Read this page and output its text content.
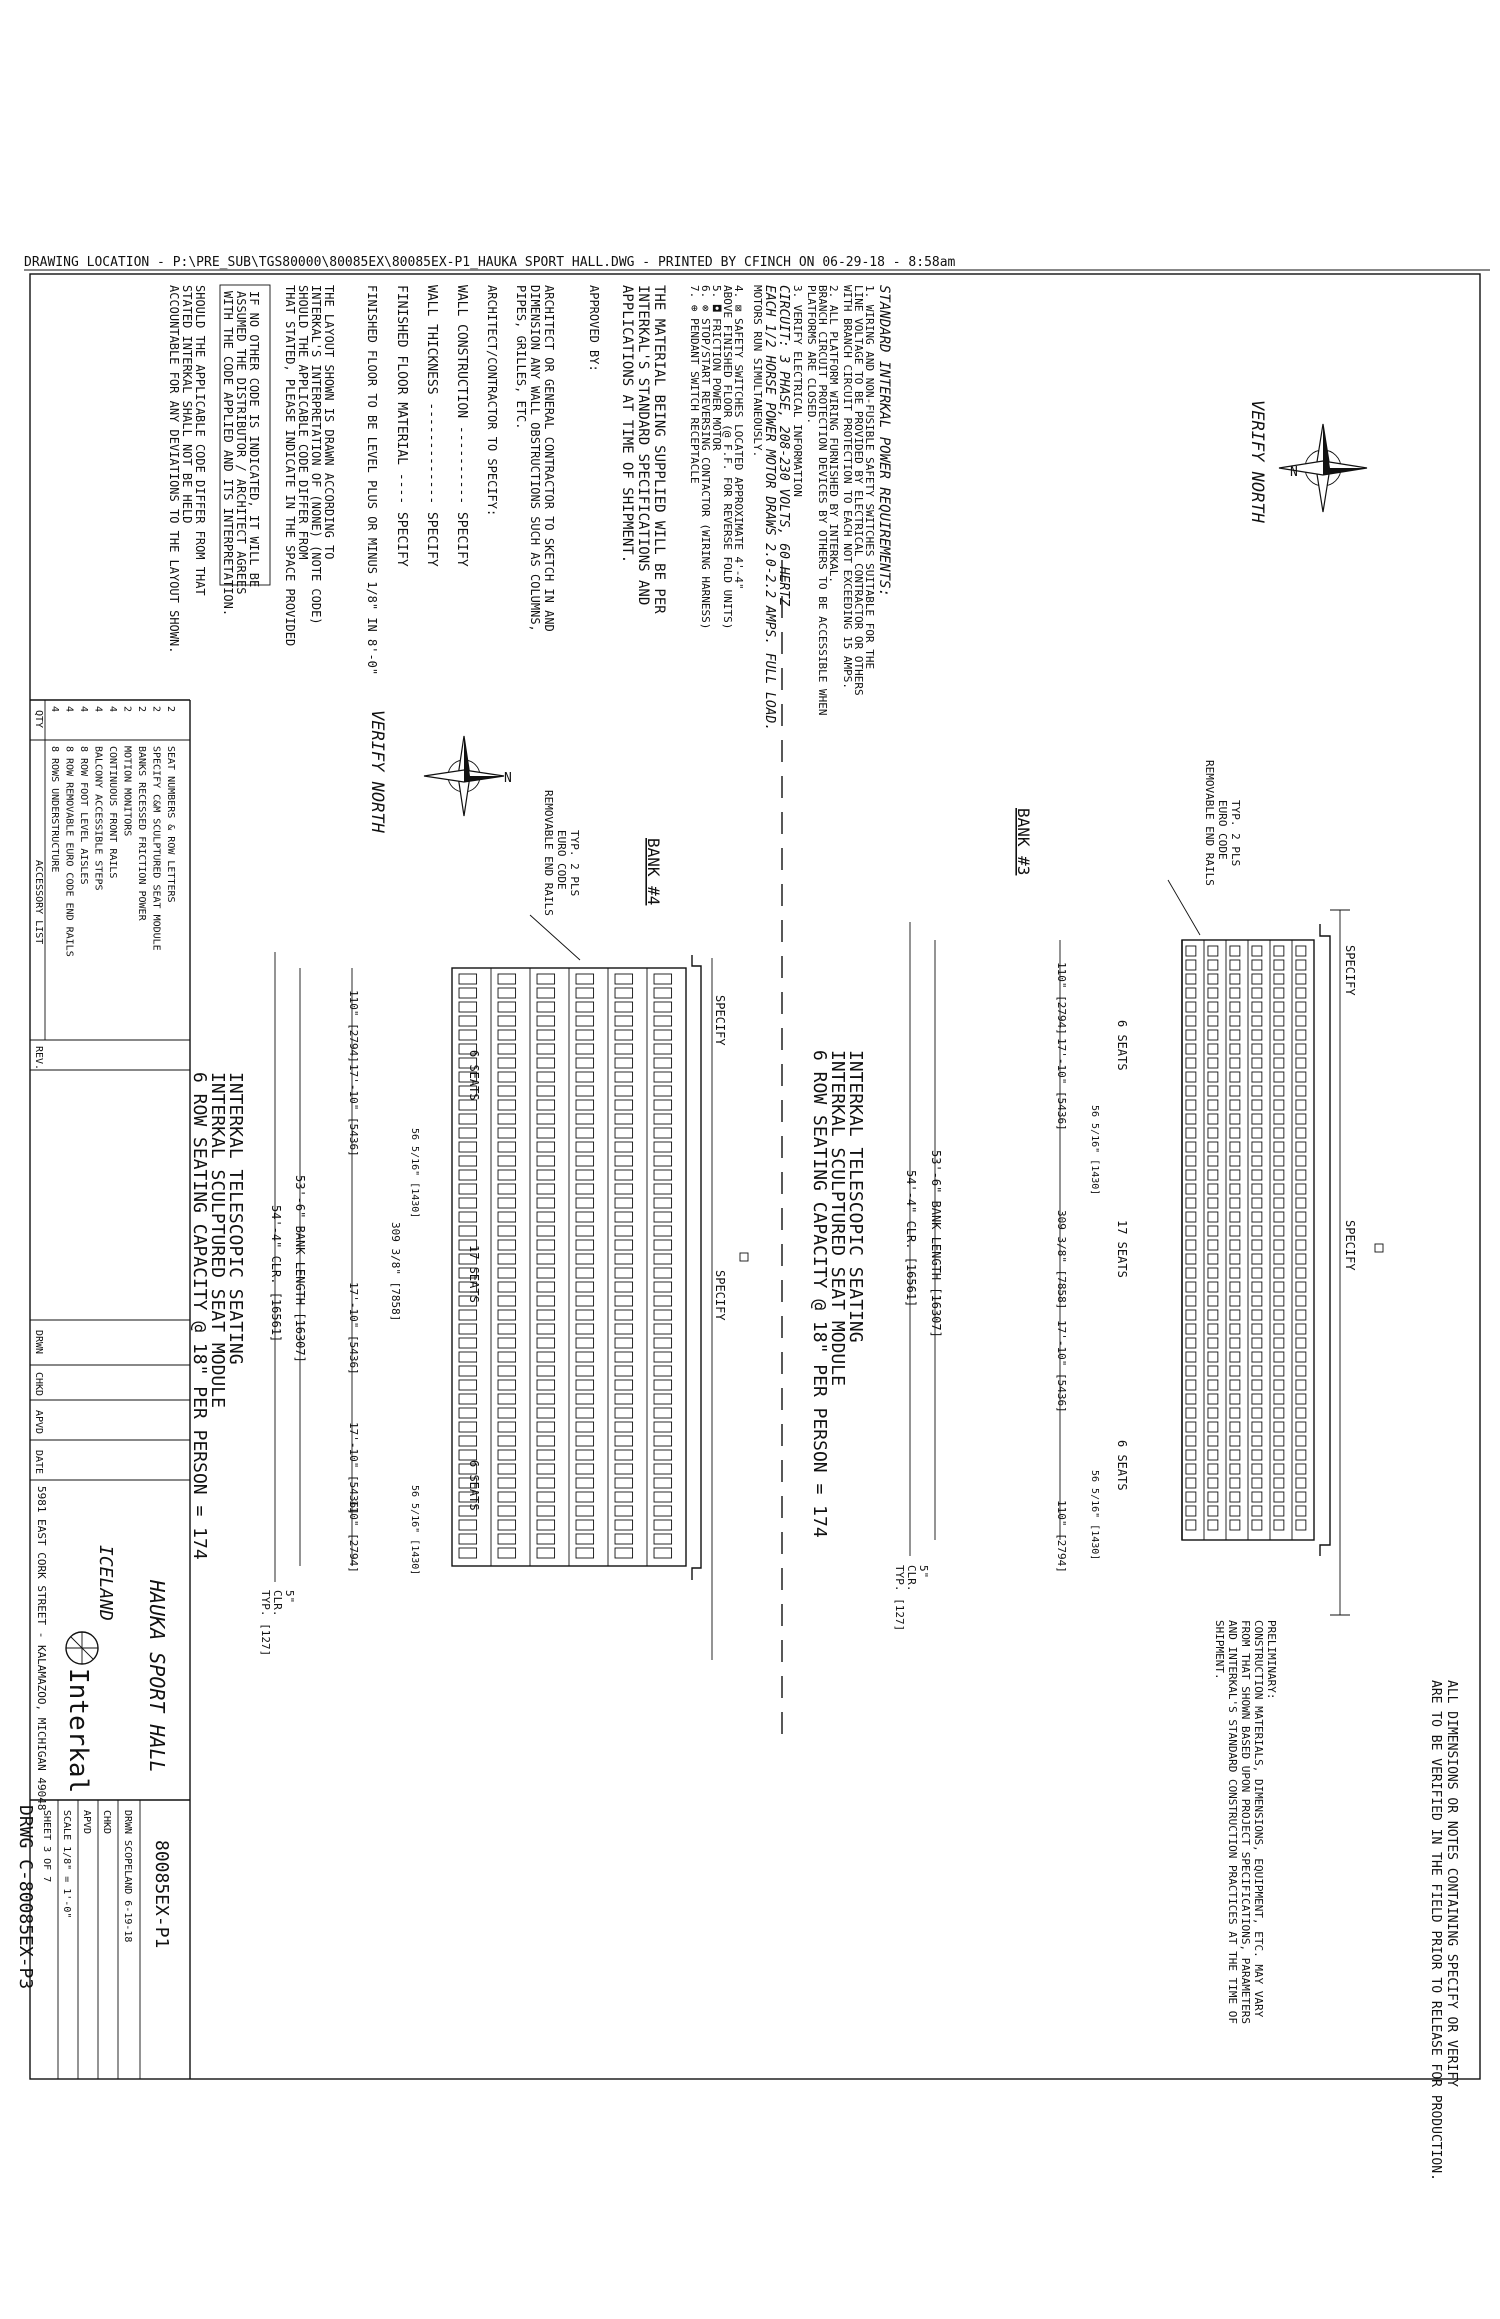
DRAWING LOCATION - P:\PRE_SUB\TGS80000\80085EX\80085EX-P1_HAUKA SPORT HALL.DWG - PRINTED BY CFINCH ON 06-29-18 - 8:58am
STANDARD INTERKAL POWER REQUIREMENTS:
1. WIRING AND NON-FUSIBLE SAFETY SWITCHES SUITABLE FOR THE
LINE VOLTAGE TO BE PROVIDED BY ELECTRICAL CONTRACTOR OR OTHERS
WITH BRANCH CIRCUIT PROTECTION TO EACH NOT EXCEEDING 15 AMPS.
2. ALL PLATFORM WIRING FURNISHED BY INTERKAL.
BRANCH CIRCUIT PROTECTION DEVICES BY OTHERS TO BE ACCESSIBLE WHEN
PLATFORMS ARE CLOSED.
3. VERIFY ELECTRICAL INFORMATION
CIRCUIT: 3 PHASE, 208-230 VOLTS, 60 HERTZ
EACH 1/2 HORSE POWER MOTOR DRAWS 2.0-2.2 AMPS. FULL LOAD.
MOTORS RUN SIMULTANEOUSLY.
4. ⊠ SAFETY SWITCHES LOCATED APPROXIMATE 4'-4"
ABOVE FINISHED FLOOR (@ F.F. FOR REVERSE FOLD UNITS)
5. ◘ FRICTION POWER MOTOR
6. ⊗ STOP/START REVERSING CONTACTOR (WIRING HARNESS)
7. ⊕ PENDANT SWITCH RECEPTACLE
THE MATERIAL BEING SUPPLIED WILL BE PER
INTERKAL'S STANDARD SPECIFICATIONS AND
APPLICATIONS AT TIME OF SHIPMENT.
APPROVED BY:
ARCHITECT OR GENERAL CONTRACTOR TO SKETCH IN AND
DIMENSION ANY WALL OBSTRUCTIONS SUCH AS COLUMNS,
PIPES, GRILLES, ETC.
ARCHITECT/CONTRACTOR TO SPECIFY:
WALL CONSTRUCTION ---------- SPECIFY
WALL THICKNESS ------------- SPECIFY
FINISHED FLOOR MATERIAL ---- SPECIFY
FINISHED FLOOR TO BE LEVEL PLUS OR MINUS 1/8" IN 8'-0"
THE LAYOUT SHOWN IS DRAWN ACCORDING TO
INTERKAL'S INTERPRETATION OF (NONE) (NOTE CODE)
SHOULD THE APPLICABLE CODE DIFFER FROM
THAT STATED, PLEASE INDICATE IN THE SPACE PROVIDED
IF NO OTHER CODE IS INDICATED, IT WILL BE
ASSUMED THE DISTRIBUTOR / ARCHITECT AGREES
WITH THE CODE APPLIED AND ITS INTERPRETATION.
SHOULD THE APPLICABLE CODE DIFFER FROM THAT
STATED INTERKAL SHALL NOT BE HELD
ACCOUNTABLE FOR ANY DEVIATIONS TO THE LAYOUT SHOWN.	N
VERIFY NORTH
N
VERIFY NORTH
ALL DIMENSIONS OR NOTES CONTAINING SPECIFY OR VERIFY
ARE TO BE VERIFIED IN THE FIELD PRIOR TO RELEASE FOR PRODUCTION.
PRELIMINARY:
CONSTRUCTION MATERIALS, DIMENSIONS, EQUIPMENT, ETC. MAY VARY
FROM THAT SHOWN BASED UPON PROJECT SPECIFICATIONS, PARAMETERS
AND INTERKAL'S STANDARD CONSTRUCTION PRACTICES AT THE TIME OF
SHIPMENT.
BANK #3	REMOVABLE END RAILS EURO CODE TYP. 2 PLS
SPECIFY
SPECIFY
INTERKAL TELESCOPIC SEATING
INTERKAL SCULPTURED SEAT MODULE
6 ROW SEATING CAPACITY @ 18" PER PERSON = 174
6 SEATS
17 SEATS
6 SEATS
110" [2794]
17'-10" [5436]
56 5/16" [1430]
309 3/8" [7858]
17'-10" [5436]
56 5/16" [1430]
110" [2794]
53'-6" BANK LENGTH [16307]
54'-4" CLR. [16561]
5"
CLR.
TYP. [127]
BANK #4
REMOVABLE END RAILS EURO CODE TYP. 2 PLS
SPECIFY
SPECIFY
INTERKAL TELESCOPIC SEATING
INTERKAL SCULPTURED SEAT MODULE
6 ROW SEATING CAPACITY @ 18" PER PERSON = 174	6 SEATS
17 SEATS
6 SEATS
110" [2794]
17'-10" [5436]
56 5/16" [1430]
309 3/8" [7858]
17'-10" [5436]
17'-10" [5436]
56 5/16" [1430]
110" [2794]
53'-6" BANK LENGTH [16307]
54'-4" CLR. [16561]
5"
CLR.
TYP. [127]
QTY
ACCESSORY LIST
REV.
4
8 ROWS UNDERSTRUCTURE
4
8 ROW REMOVABLE EURO CODE END RAILS
4
8 ROW FOOT LEVEL AISLES
4
BALCONY ACCESSIBLE STEPS
4
CONTINUOUS FRONT RAILS
2
MOTION MONITORS
2
BANKS RECESSED FRICTION POWER
2
SPECIFY C&M SCULPTURED SEAT MODULE
2
SEAT NUMBERS & ROW LETTERS
DRWN
CHKD
APVD
DATE
5981 EAST CORK STREET - KALAMAZOO, MICHIGAN 49048 Interkal
ICELAND HAUKA SPORT HALL
80085EX-P1
DRWN SCOPELAND 6-19-18
CHKD
APVD
SCALE 1/8" = 1'-0"
SHEET 3 OF 7
DRWG C-80085EX-P3
